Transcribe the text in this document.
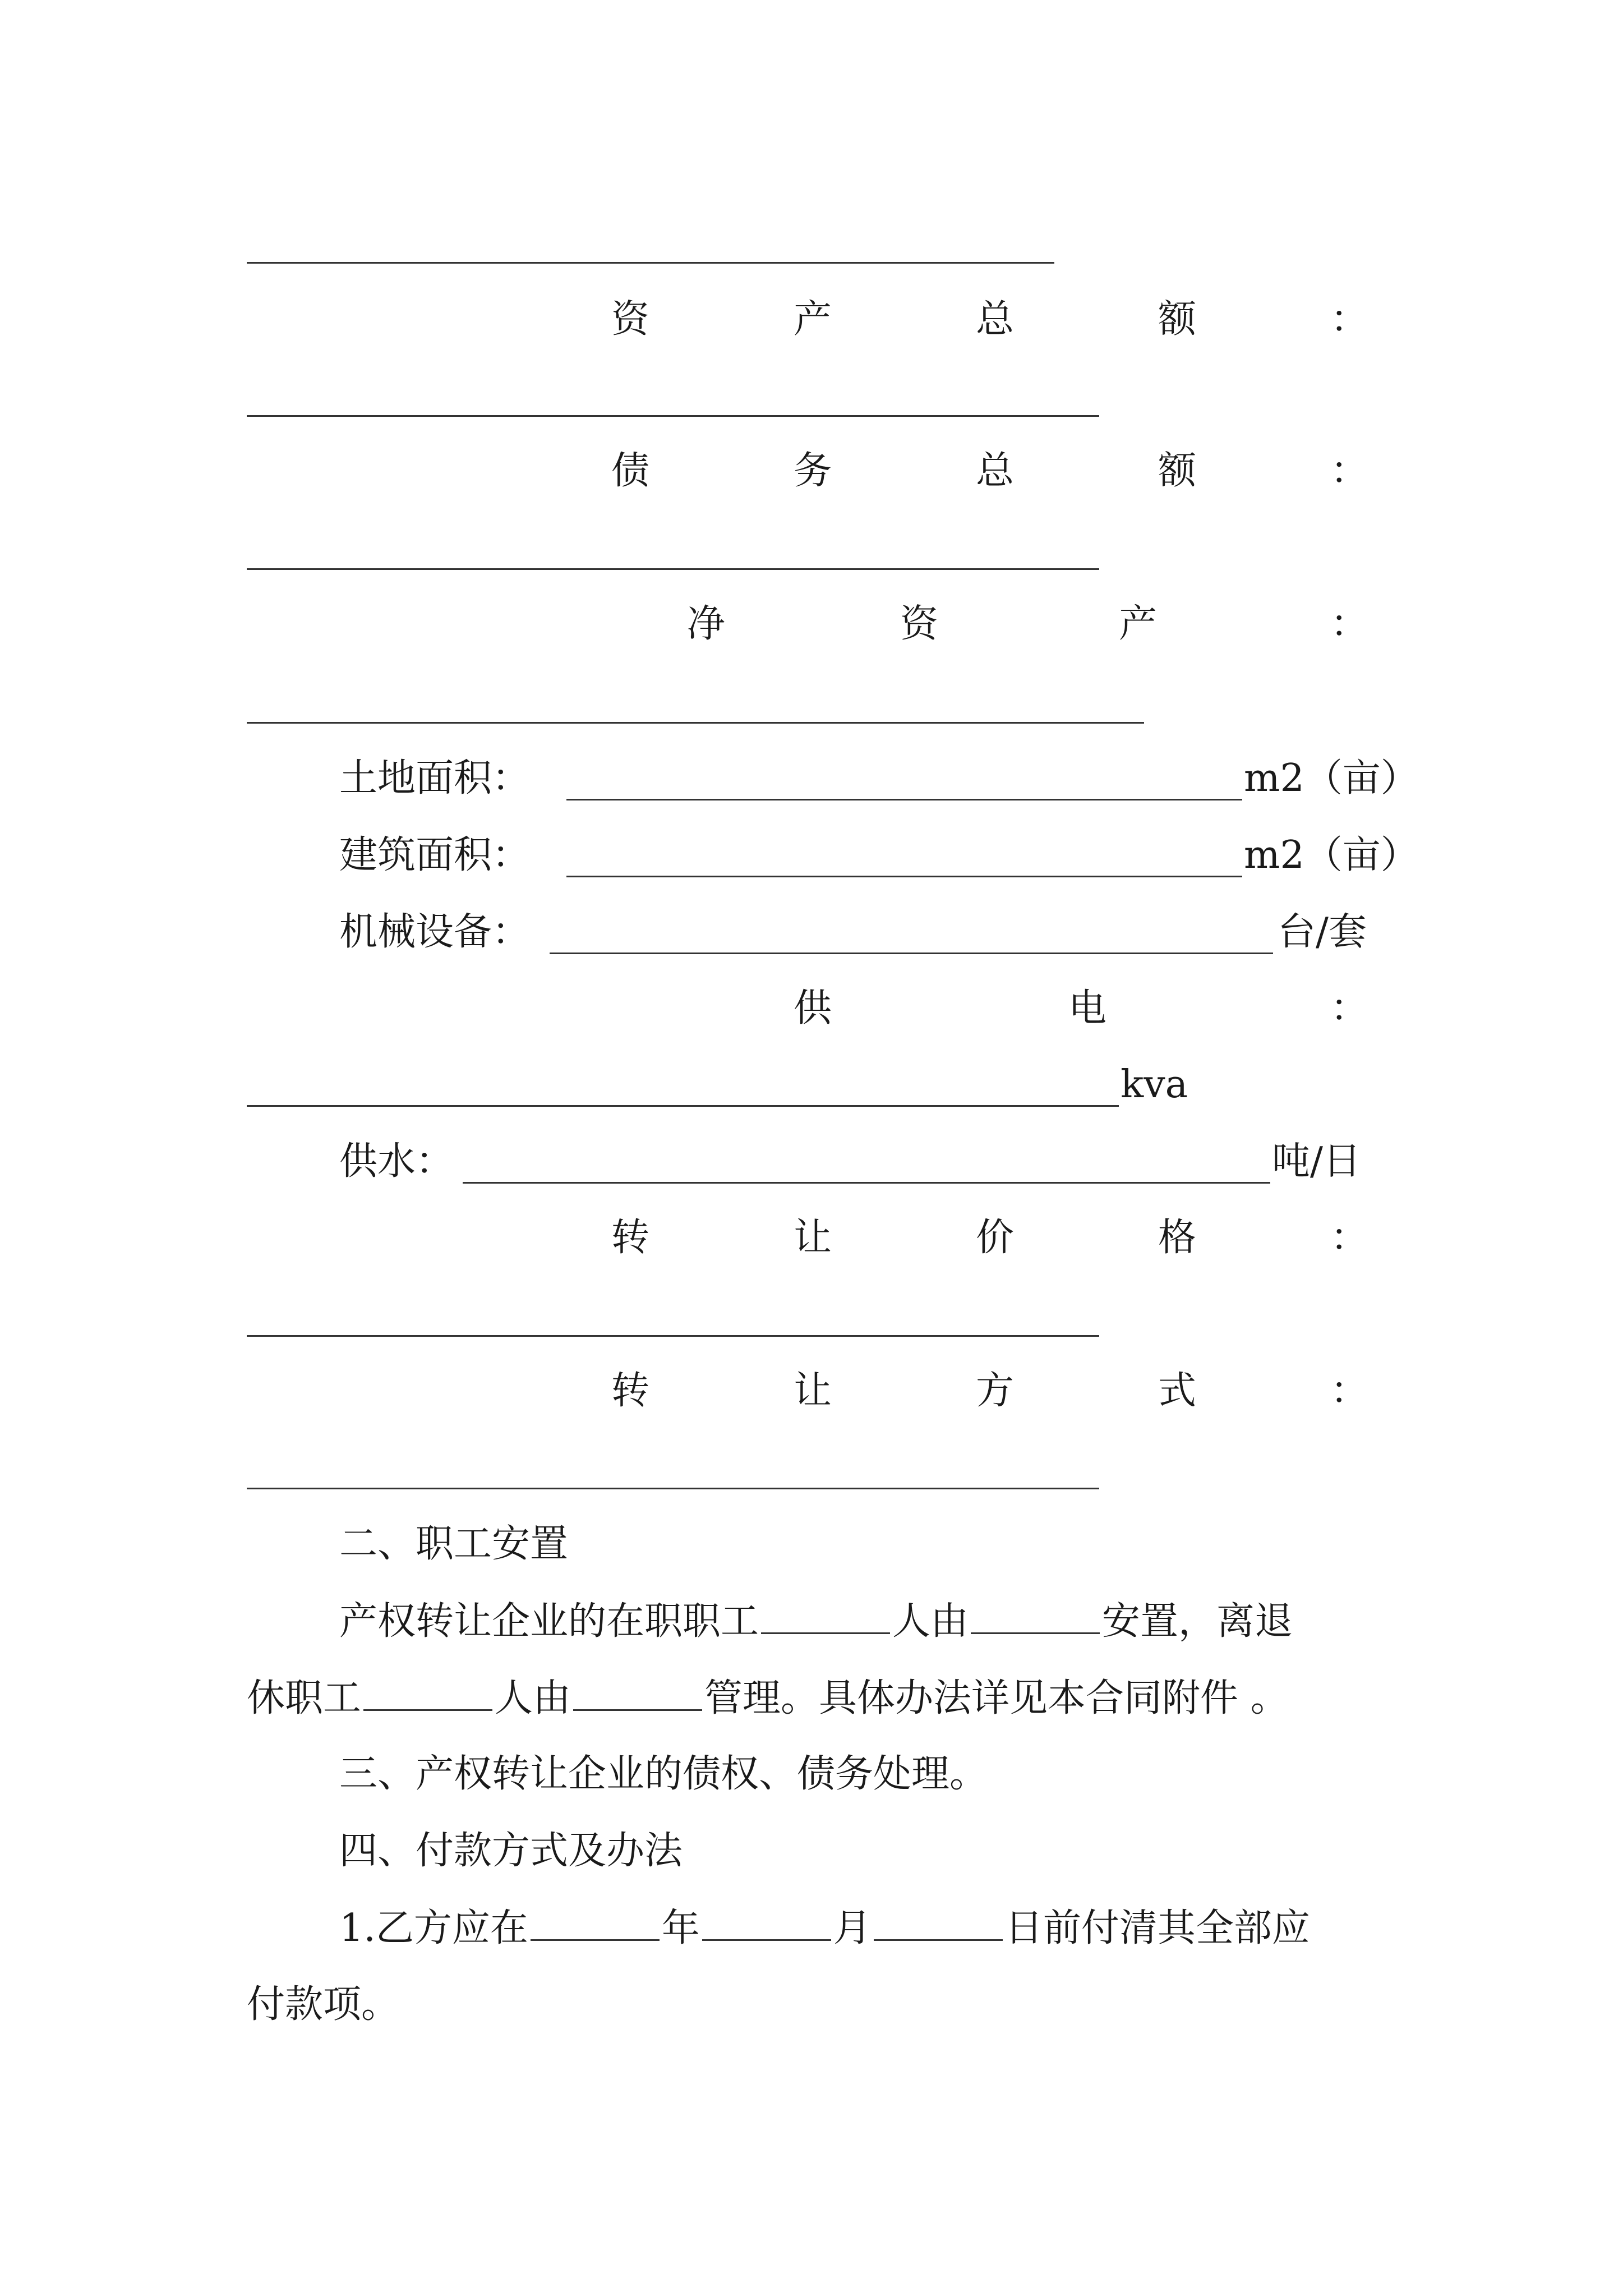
资	产	总	额	：
债	务	总	额	：
净	资	产	：
土地面积：	m2（亩）
建筑面积：	m2（亩）
机械设备：	台/套
供	电	：
kva
供水：	吨/日
转	让	价	格	：
转	让	方	式	：
二、职工安置
产权转让企业的在职职工	人由	安置，离退
休职工	人由	管理。具体办法详见本合同附件 。
三、产权转让企业的债权、债务处理。
四、付款方式及办法
1.乙方应在	年	月	日前付清其全部应
付款项。
